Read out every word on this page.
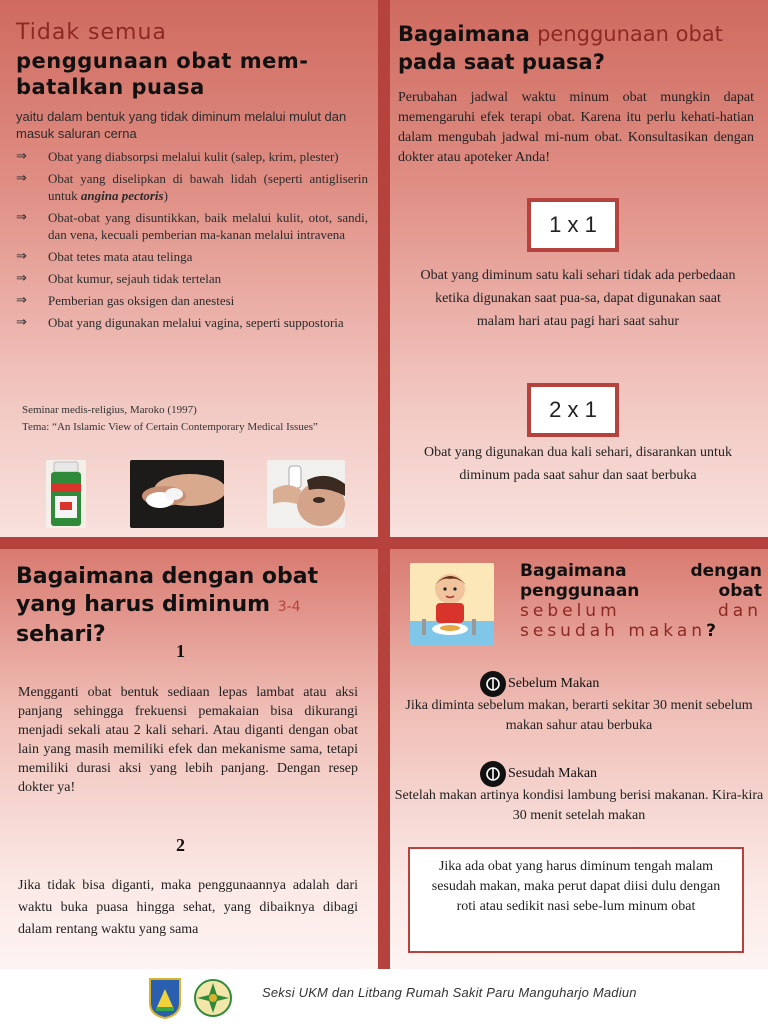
Tidak semua
penggunaan obat mem-batalkan puasa
yaitu dalam bentuk yang tidak diminum melalui mulut dan masuk saluran cerna
⇒	Obat yang diabsorpsi melalui kulit (salep, krim, plester)
⇒	Obat yang diselipkan di bawah lidah (seperti antigliserin untuk angina pectoris)
⇒	Obat-obat yang disuntikkan, baik melalui kulit, otot, sandi, dan vena, kecuali pemberian ma-kanan melalui intravena
⇒	Obat tetes mata atau telinga
⇒	Obat kumur, sejauh tidak tertelan
⇒	Pemberian gas oksigen dan anestesi
⇒	Obat yang digunakan melalui vagina, seperti suppostoria
Seminar medis-religius, Maroko (1997)
Tema: “An Islamic View of Certain Contemporary Medical Issues”
Bagaimana penggunaan obat pada saat puasa?
Perubahan jadwal waktu minum obat mungkin dapat memengaruhi efek terapi obat. Karena itu perlu kehati-hatian dalam mengubah jadwal mi-num obat. Konsultasikan dengan dokter atau apoteker Anda!
1 x 1
Obat yang diminum satu kali sehari tidak ada perbedaan ketika digunakan saat pua-sa, dapat digunakan saat malam hari atau pagi hari saat sahur
2 x 1
Obat yang digunakan dua kali sehari, disarankan untuk diminum pada saat sahur dan saat berbuka
Bagaimana dengan obat yang harus diminum 3-4 sehari?
1
Mengganti obat bentuk sediaan lepas lambat atau aksi panjang sehingga frekuensi pemakaian bisa dikurangi menjadi sekali atau 2 kali sehari. Atau diganti dengan obat lain yang masih memiliki efek dan mekanisme sama, tetapi memiliki durasi aksi yang lebih panjang. Dengan resep dokter ya!
2
Jika tidak bisa diganti, maka penggunaannya adalah dari waktu buka puasa hingga sehat, yang dibaiknya dibagi dalam rentang waktu yang sama
Bagaimana dengan penggunaan obat sebelum dan sesudah makan?
Sebelum Makan
Jika diminta sebelum makan, berarti sekitar 30 menit sebelum makan sahur atau berbuka
Sesudah Makan
Setelah makan artinya kondisi lambung berisi makanan. Kira-kira 30 menit setelah makan
Jika ada obat yang harus diminum tengah malam sesudah makan, maka perut dapat diisi dulu dengan roti atau sedikit nasi sebe-lum minum obat
Seksi UKM dan Litbang Rumah Sakit Paru Manguharjo Madiun
